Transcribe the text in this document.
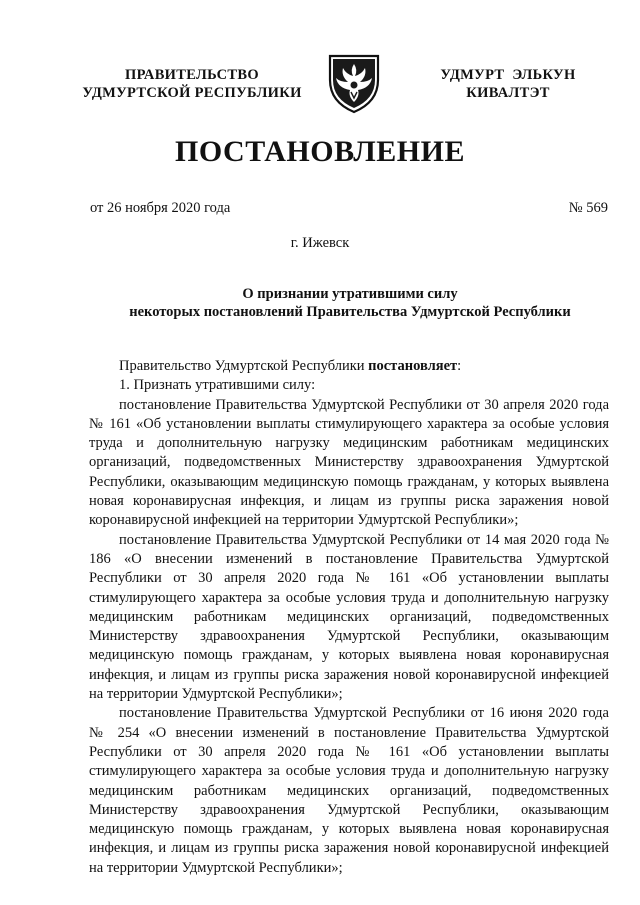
ПРАВИТЕЛЬСТВО
УДМУРТСКОЙ РЕСПУБЛИКИ
УДМУРТ ЭЛЬКУН
КИВАЛТЭТ
ПОСТАНОВЛЕНИЕ
от 26 ноября 2020 года	№ 569
г. Ижевск
О признании утратившими силу
некоторых постановлений Правительства Удмуртской Республики

Правительство Удмуртской Республики постановляет:

1. Признать утратившими силу:

постановление Правительства Удмуртской Республики от 30 апреля 2020 года № 161 «Об установлении выплаты стимулирующего характера за особые условия труда и дополнительную нагрузку медицинским работникам медицинских организаций, подведомственных Министерству здравоохранения Удмуртской Республики, оказывающим медицинскую помощь гражданам, у которых выявлена новая коронавирусная инфекция, и лицам из группы риска заражения новой коронавирусной инфекцией на территории Удмуртской Республики»;

постановление Правительства Удмуртской Республики от 14 мая 2020 года № 186 «О внесении изменений в постановление Правительства Удмуртской Республики от 30 апреля 2020 года № 161 «Об установлении выплаты стимулирующего характера за особые условия труда и дополнительную нагрузку медицинским работникам медицинских организаций, подведомственных Министерству здравоохранения Удмуртской Республики, оказывающим медицинскую помощь гражданам, у которых выявлена новая коронавирусная инфекция, и лицам из группы риска заражения новой коронавирусной инфекцией на территории Удмуртской Республики»;

постановление Правительства Удмуртской Республики от 16 июня 2020 года № 254 «О внесении изменений в постановление Правительства Удмуртской Республики от 30 апреля 2020 года № 161 «Об установлении выплаты стимулирующего характера за особые условия труда и дополнительную нагрузку медицинским работникам медицинских организаций, подведомственных Министерству здравоохранения Удмуртской Республики, оказывающим медицинскую помощь гражданам, у которых выявлена новая коронавирусная инфекция, и лицам из группы риска заражения новой коронавирусной инфекцией на территории Удмуртской Республики»;
